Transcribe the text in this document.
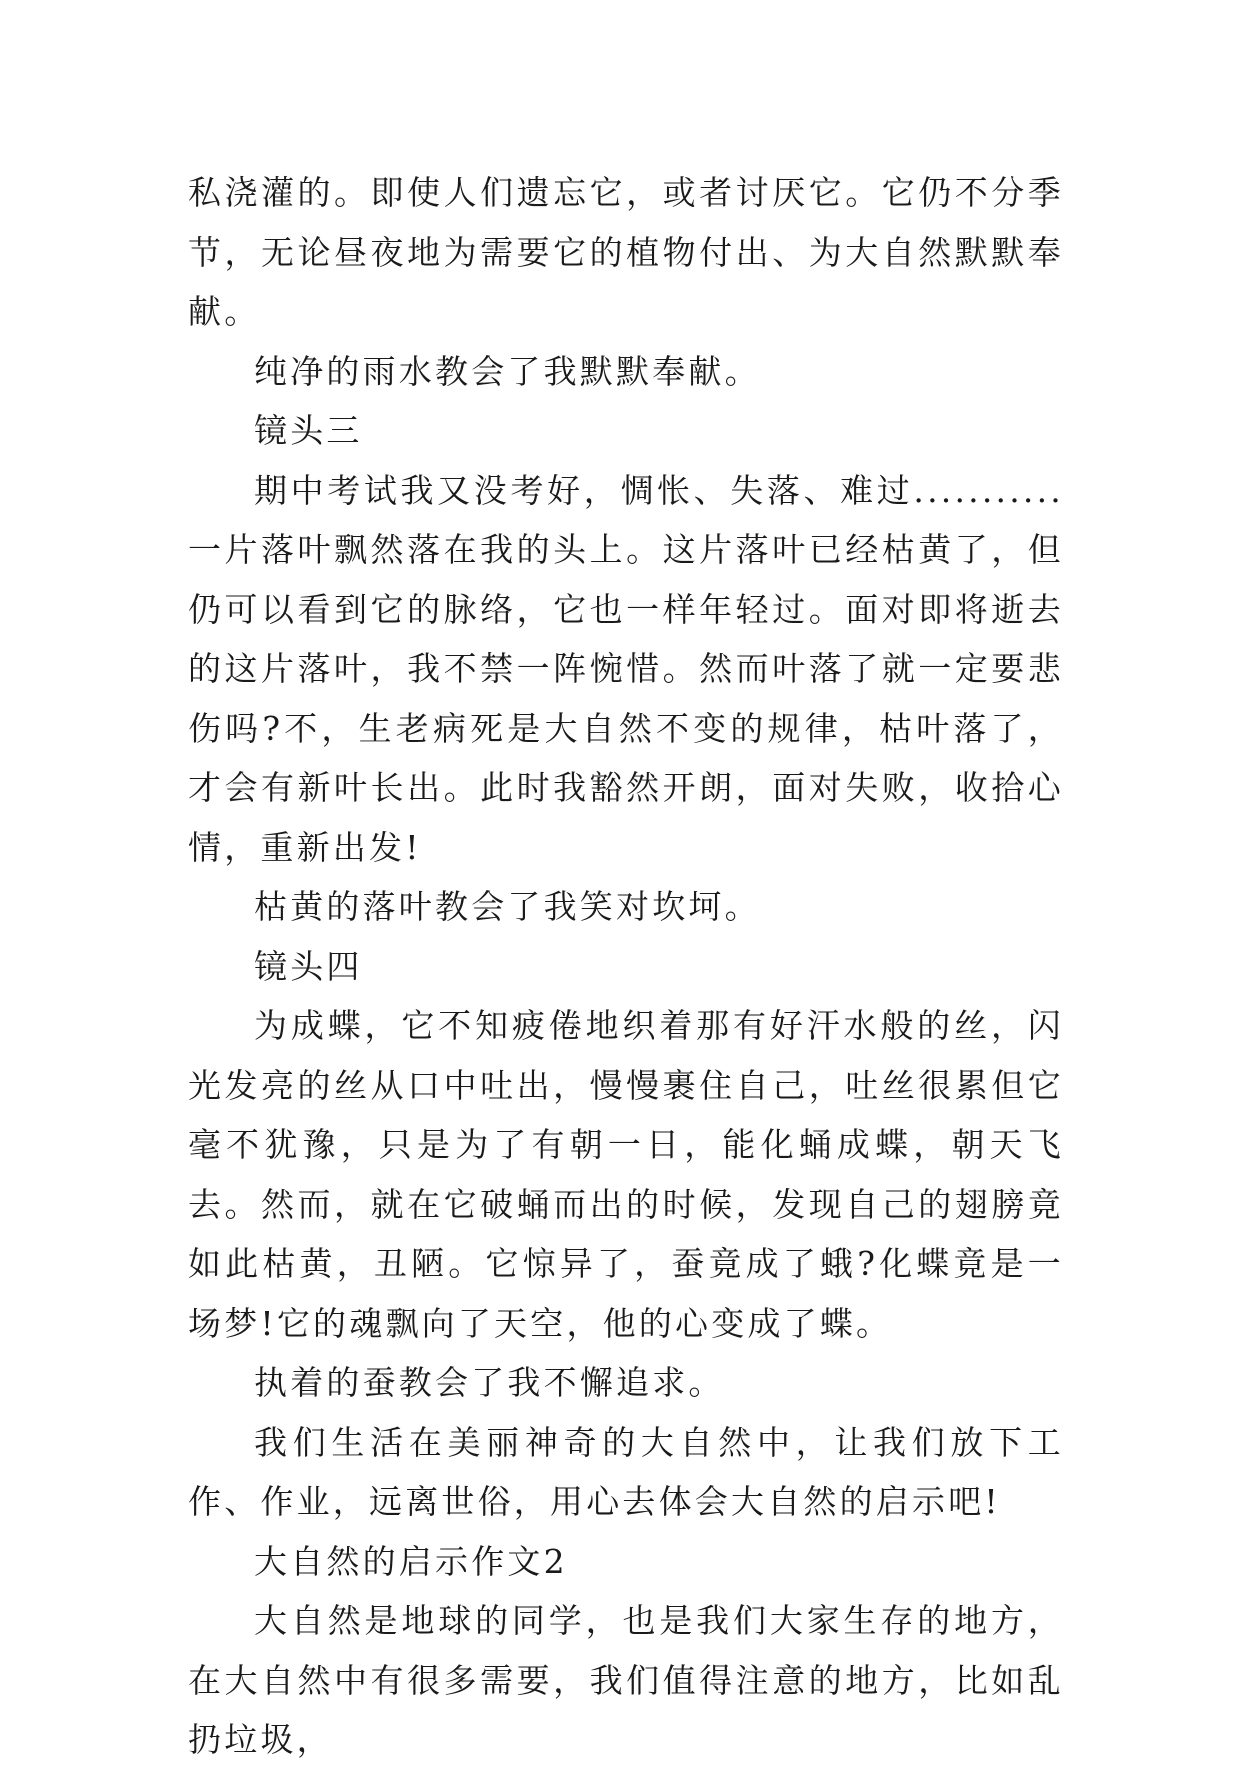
私浇灌的。即使人们遗忘它，或者讨厌它。它仍不分季节，无论昼夜地为需要它的植物付出、为大自然默默奉献。

纯净的雨水教会了我默默奉献。

镜头三

期中考试我又没考好，惆怅、失落、难过...........一片落叶飘然落在我的头上。这片落叶已经枯黄了，但仍可以看到它的脉络，它也一样年轻过。面对即将逝去的这片落叶，我不禁一阵惋惜。然而叶落了就一定要悲伤吗?不，生老病死是大自然不变的规律，枯叶落了，才会有新叶长出。此时我豁然开朗，面对失败，收拾心情，重新出发!

枯黄的落叶教会了我笑对坎坷。

镜头四

为成蝶，它不知疲倦地织着那有好汗水般的丝，闪光发亮的丝从口中吐出，慢慢裹住自己，吐丝很累但它毫不犹豫，只是为了有朝一日，能化蛹成蝶，朝天飞去。然而，就在它破蛹而出的时候，发现自己的翅膀竟如此枯黄，丑陋。它惊异了，蚕竟成了蛾?化蝶竟是一场梦!它的魂飘向了天空，他的心变成了蝶。

执着的蚕教会了我不懈追求。

我们生活在美丽神奇的大自然中，让我们放下工作、作业，远离世俗，用心去体会大自然的启示吧!

大自然的启示作文2

大自然是地球的同学，也是我们大家生存的地方，在大自然中有很多需要，我们值得注意的地方，比如乱扔垃圾，
